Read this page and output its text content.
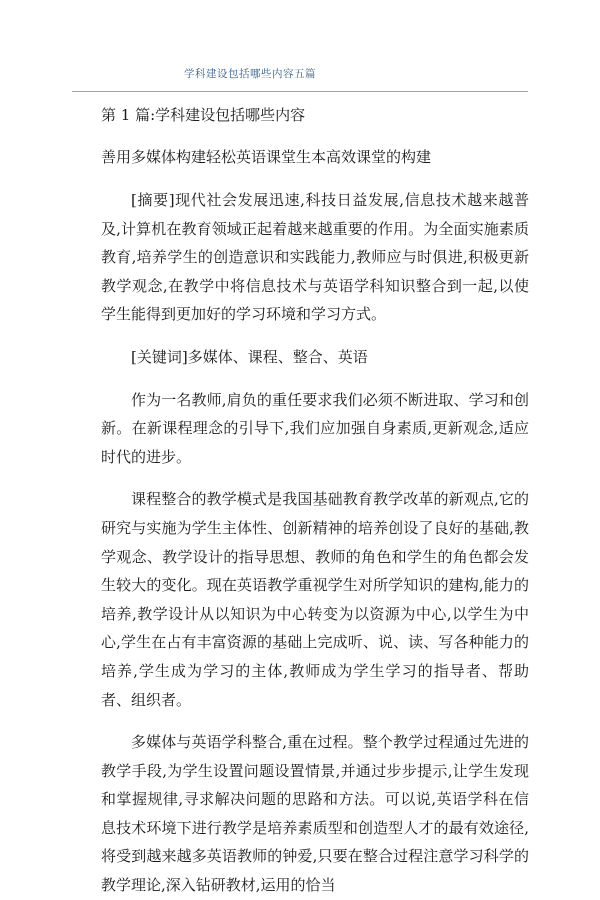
学科建设包括哪些内容五篇
第 1 篇:学科建设包括哪些内容
善用多媒体构建轻松英语课堂生本高效课堂的构建

[摘要]现代社会发展迅速,科技日益发展,信息技术越来越普及,计算机在教育领域正起着越来越重要的作用。为全面实施素质教育,培养学生的创造意识和实践能力,教师应与时俱进,积极更新教学观念,在教学中将信息技术与英语学科知识整合到一起,以使学生能得到更加好的学习环境和学习方式。

[关键词]多媒体、课程、整合、英语

作为一名教师,肩负的重任要求我们必须不断进取、学习和创新。在新课程理念的引导下,我们应加强自身素质,更新观念,适应时代的进步。

课程整合的教学模式是我国基础教育教学改革的新观点,它的研究与实施为学生主体性、创新精神的培养创设了良好的基础,教学观念、教学设计的指导思想、教师的角色和学生的角色都会发生较大的变化。现在英语教学重视学生对所学知识的建构,能力的培养,教学设计从以知识为中心转变为以资源为中心,以学生为中心,学生在占有丰富资源的基础上完成听、说、读、写各种能力的培养,学生成为学习的主体,教师成为学生学习的指导者、帮助者、组织者。

多媒体与英语学科整合,重在过程。整个教学过程通过先进的教学手段,为学生设置问题设置情景,并通过步步提示,让学生发现和掌握规律,寻求解决问题的思路和方法。可以说,英语学科在信息技术环境下进行教学是培养素质型和创造型人才的最有效途径,将受到越来越多英语教师的钟爱,只要在整合过程注意学习科学的教学理论,深入钻研教材,运用的恰当
